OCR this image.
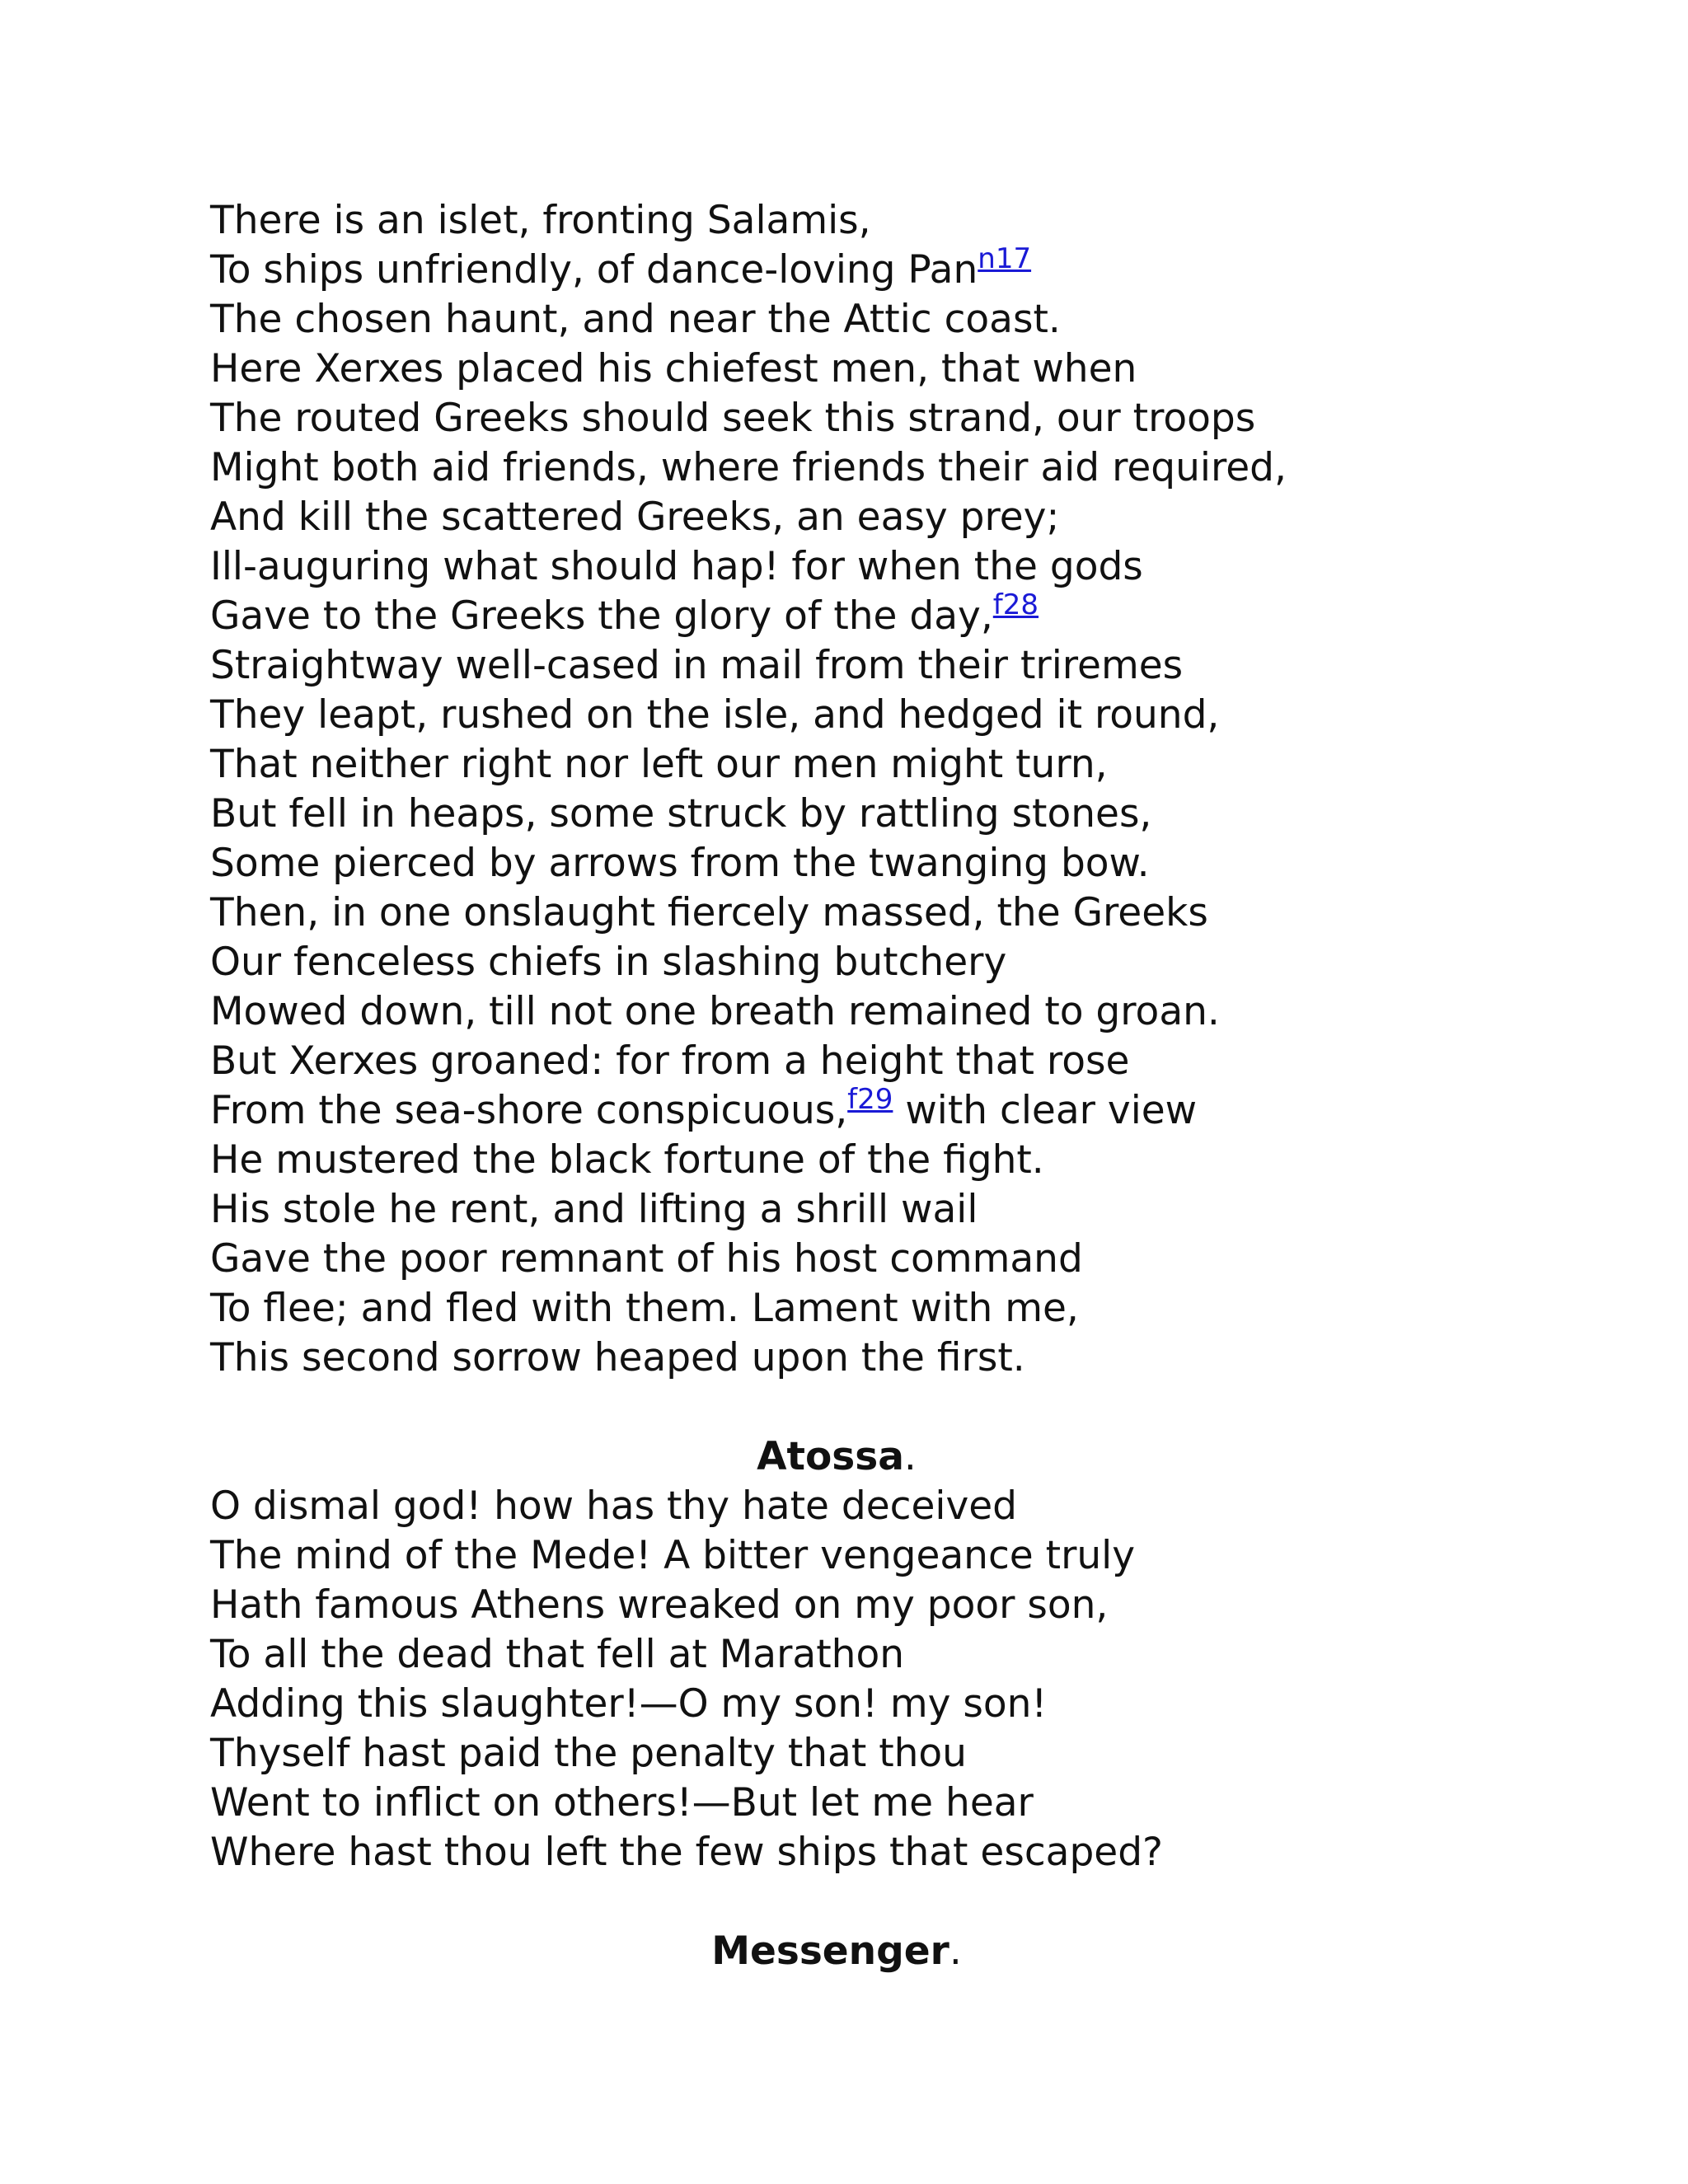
There is an islet, fronting Salamis,
To ships unfriendly, of dance-loving Pan$^{n17}$
The chosen haunt, and near the Attic coast.
Here Xerxes placed his chiefest men, that when
The routed Greeks should seek this strand, our troops
Might both aid friends, where friends their aid required,
And kill the scattered Greeks, an easy prey;
Ill-auguring what should hap! for when the gods
Gave to the Greeks the glory of the day,$^{f28}$
Straightway well-cased in mail from their triremes
They leapt, rushed on the isle, and hedged it round,
That neither right nor left our men might turn,
But fell in heaps, some struck by rattling stones,
Some pierced by arrows from the twanging bow.
Then, in one onslaught fiercely massed, the Greeks
Our fenceless chiefs in slashing butchery
Mowed down, till not one breath remained to groan.
But Xerxes groaned: for from a height that rose
From the sea-shore conspicuous,$^{f29}$ with clear view
He mustered the black fortune of the fight.
His stole he rent, and lifting a shrill wail
Gave the poor remnant of his host command
To flee; and fled with them. Lament with me,
This second sorrow heaped upon the first.
Atossa.
O dismal god! how has thy hate deceived
The mind of the Mede! A bitter vengeance truly
Hath famous Athens wreaked on my poor son,
To all the dead that fell at Marathon
Adding this slaughter!—O my son! my son!
Thyself hast paid the penalty that thou
Went to inflict on others!—But let me hear
Where hast thou left the few ships that escaped?
Messenger.
